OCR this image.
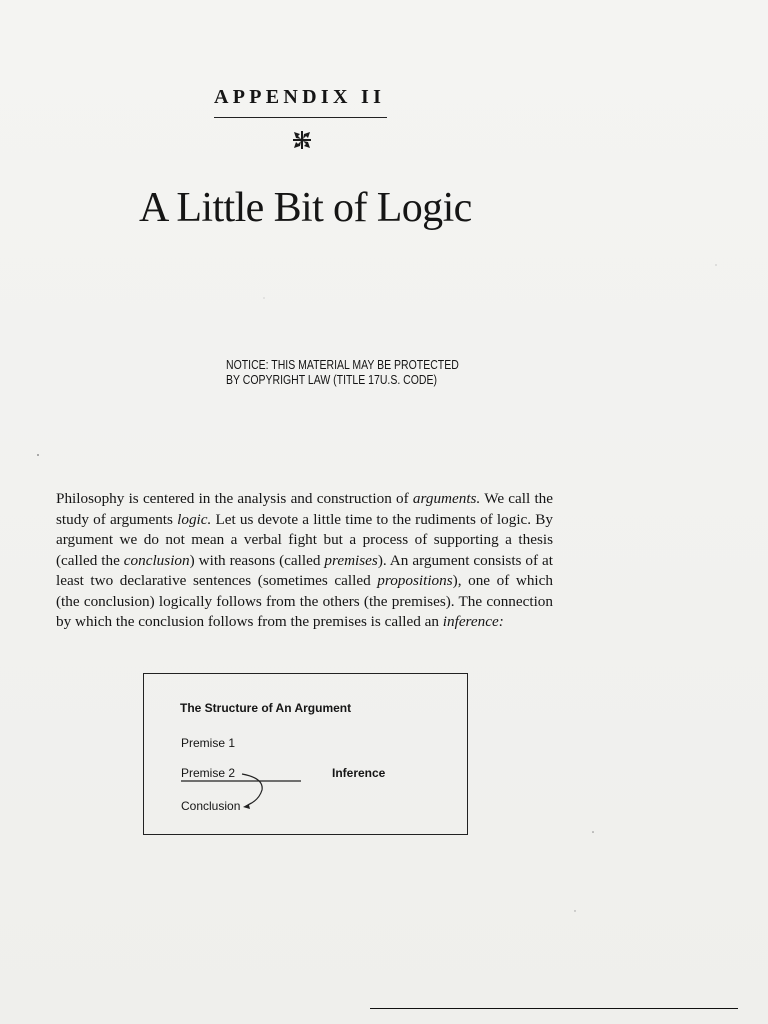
APPENDIX II
A Little Bit of Logic
NOTICE: THIS MATERIAL MAY BE PROTECTED
BY COPYRIGHT LAW (TITLE 17U.S. CODE)

Philosophy is centered in the analysis and construction of arguments. We call the study of arguments logic. Let us devote a little time to the rudiments of logic. By argument we do not mean a verbal fight but a process of supporting a thesis (called the conclusion) with reasons (called premises). An argument consists of at least two declarative sentences (sometimes called propositions), one of which (the conclusion) logically follows from the others (the premises). The connection by which the conclusion follows from the premises is called an inference:

The Structure of An Argument
Premise 1
Premise 2	Inference
Conclusion
